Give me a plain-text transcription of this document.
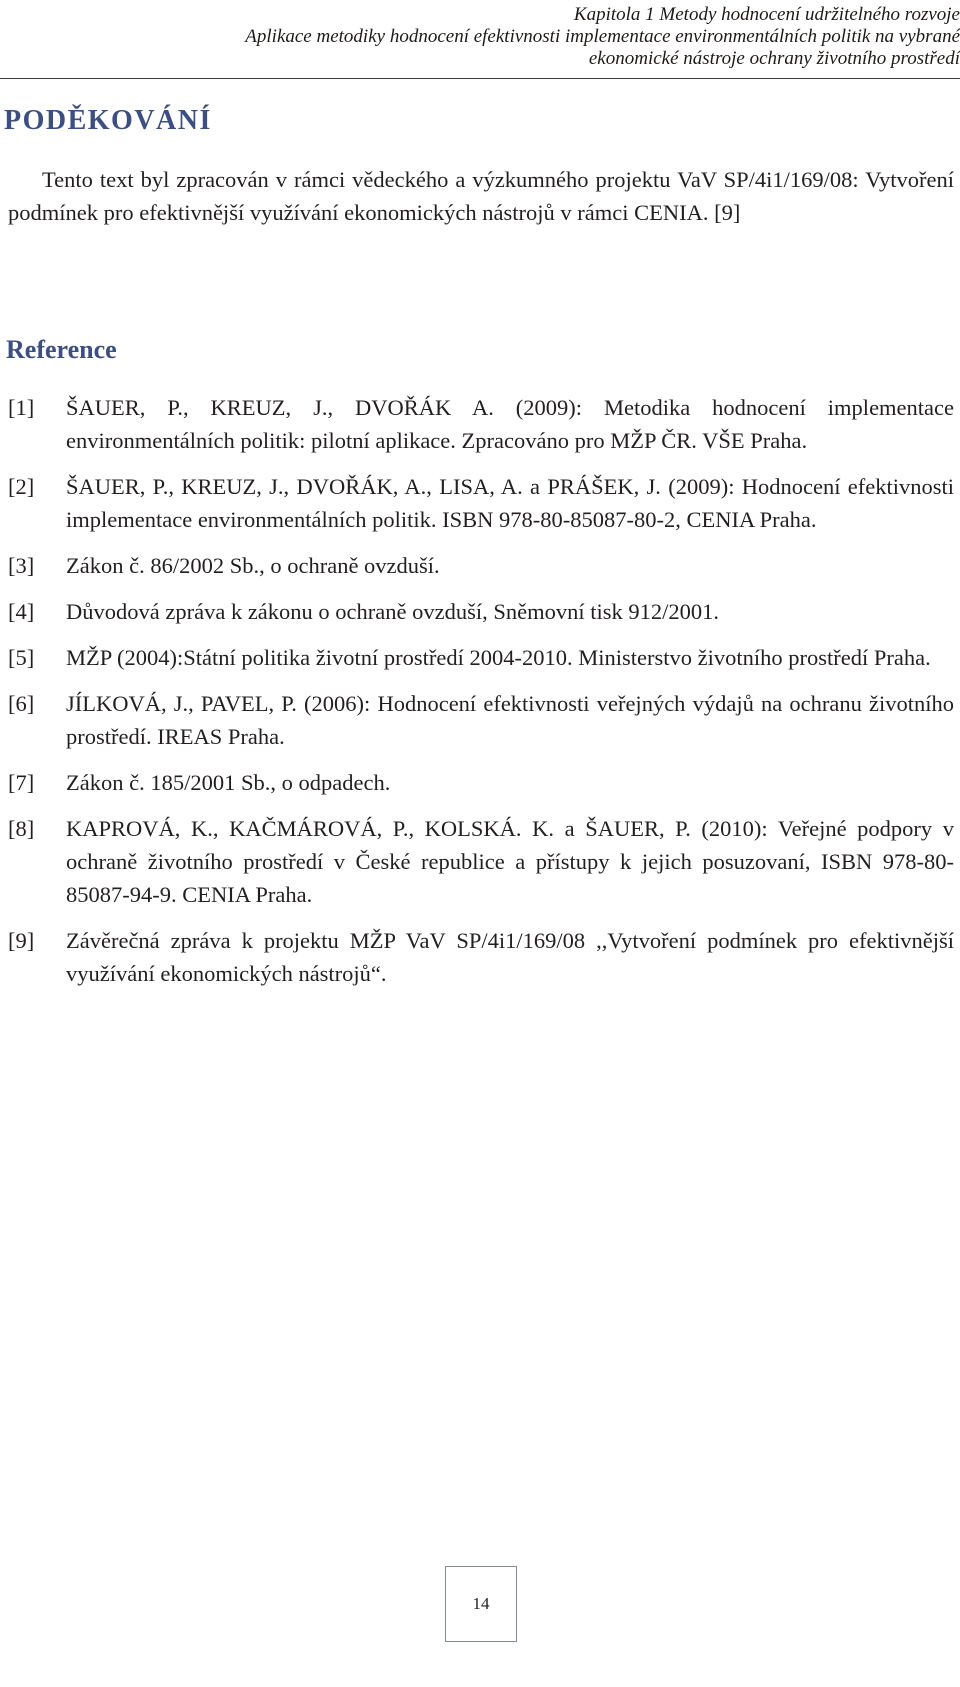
Kapitola 1 Metody hodnocení udržitelného rozvoje
Aplikace metodiky hodnocení efektivnosti implementace environmentálních politik na vybrané
ekonomické nástroje ochrany životního prostředí
PODĚKOVÁNÍ

Tento text byl zpracován v rámci vědeckého a výzkumného projektu VaV SP/4i1/169/08: Vytvoření podmínek pro efektivnější využívání ekonomických nástrojů v rámci CENIA. [9]

Reference
[1]	ŠAUER, P., KREUZ, J., DVOŘÁK A. (2009): Metodika hodnocení implementace environmentálních politik: pilotní aplikace. Zpracováno pro MŽP ČR. VŠE Praha.
[2]	ŠAUER, P., KREUZ, J., DVOŘÁK, A., LISA, A. a PRÁŠEK, J. (2009): Hodnocení efektivnosti implementace environmentálních politik. ISBN 978-80-85087-80-2, CENIA Praha.
[3]	Zákon č. 86/2002 Sb., o ochraně ovzduší.
[4]	Důvodová zpráva k zákonu o ochraně ovzduší, Sněmovní tisk 912/2001.
[5]	MŽP (2004):Státní politika životní prostředí 2004-2010. Ministerstvo životního prostředí Praha.
[6]	JÍLKOVÁ, J., PAVEL, P. (2006): Hodnocení efektivnosti veřejných výdajů na ochranu životního prostředí. IREAS Praha.
[7]	Zákon č. 185/2001 Sb., o odpadech.
[8]	KAPROVÁ, K., KAČMÁROVÁ, P., KOLSKÁ. K. a ŠAUER, P. (2010): Veřejné podpory v ochraně životního prostředí v České republice a přístupy k jejich posuzovaní, ISBN 978-80-85087-94-9. CENIA Praha.
[9]	Závěrečná zpráva k projektu MŽP VaV SP/4i1/169/08 ,,Vytvoření podmínek pro efektivnější využívání ekonomických nástrojů“.
14
